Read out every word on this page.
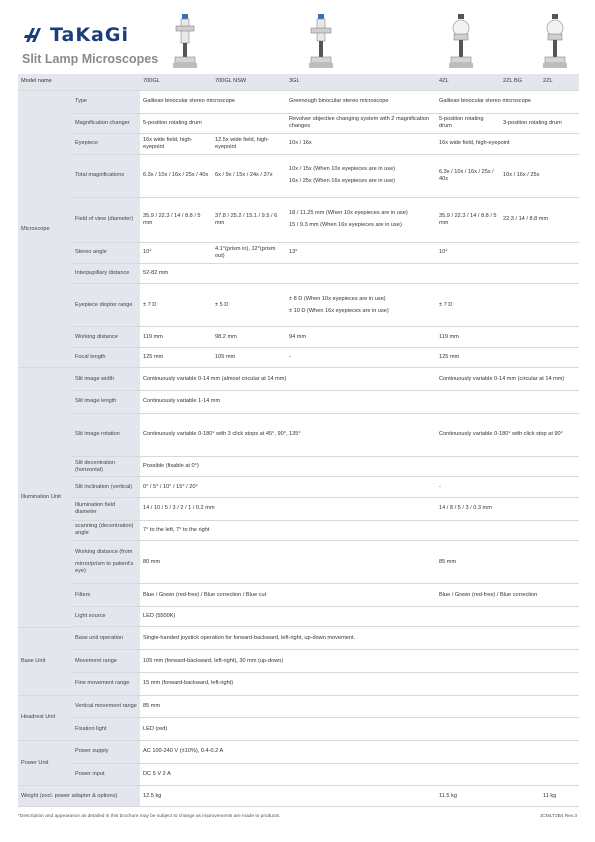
TaKaGi
Slit Lamp Microscopes
Model name		700GL	700GL NSW	3GL	4ZL	2ZL BG	2ZL
Microscope	Type	Galilean binocular stereo microscope		Greenough binocular stereo microscope	Galilean binocular stereo microscope		
	Magnification changer	5-position rotating drum		Revolver objective changing system with 2 magnification changes	5-position rotating drum	3-position rotating drum	
	Eyepiece	16x wide field, high-eyepoint	12.5x wide field, high-eyepoint	10x / 16x	16x wide field, high-eyepoint		
	Total magnifications	6.3x / 10x / 16x / 25x / 40x	6x / 9x / 15x / 24x / 37x	10x / 15x (When 10x eyepieces are in use)
16x / 25x (When 16x eyepieces are in use)	6.3x / 10x / 16x / 25x / 40x	10x / 16x / 25x	
	Field of view (diameter)	35.9 / 22.3 / 14 / 8.8 / 5 mm	37.8 / 25.2 / 15.1 / 9.5 / 6 mm	18 / 11.25 mm (When 10x eyepieces are in use)
15 / 9.3 mm (When 16x eyepieces are in use)	35.9 / 22.3 / 14 / 8.8 / 5 mm	22.3 / 14 / 8.8 mm	
	Stereo angle	10°	4.1°(prism in), 12°(prism out)	13°	10°		
	Interpupillary distance	52-82 mm					
	Eyepiece diopter range	± 7 D	± 5 D	± 8 D (When 10x eyepieces are in use)
± 10 D (When 16x eyepieces are in use)	± 7 D		
	Working distance	119 mm	98.2 mm	94 mm	119 mm		
	Focal length	125 mm	105 mm	-	125 mm		
Illumination Unit	Slit image width	Continuously variable 0-14 mm (almost circular at 14 mm)			Continuously variable 0-14 mm (circular at 14 mm)		
	Slit image length	Continuously variable 1-14 mm					
	Slit image rotation	Continuously variable 0-180° with 3 click stops at 45°, 90°, 135°			Continuously variable 0-180° with click stop at 90°		
	Slit decentration (horizontal)	Possible (fixable at 0°)					
	Slit inclination (vertical)	0° / 5° / 10° / 15° / 20°			-		
	Illumination field diameter	14 / 10 / 5 / 3 / 2 / 1 / 0.2 mm			14 / 8 / 5 / 3 / 0.3 mm		
	scanning (decentration) angle	7° to the left, 7° to the right					
	Working distance (from
mirror/prism to patient's eye)	80 mm			85 mm		
	Filters	Blue / Green (red-free) / Blue correction / Blue cut			Blue / Green (red-free) / Blue correction		
	Light source	LED (5500K)					

Base Unit	Base unit operation	Single-handed joystick operation for forward-backward, left-right, up-down movement.					
	Movement range	105 mm (forward-backward, left-right), 30 mm (up-down)					
	Fine movement range	15 mm (forward-backward, left-right)					
Headrest Unit	Vertical movement range	85 mm					
	Fixation light	LED (red)					
Power Unit	Power supply	AC 100-240 V (±10%), 0.4-0.2 A					
	Power input	DC 5 V 2 A					
Weight (excl. power adapter & options)		12.5 kg			11.5 kg		11 kg
*Description and appearance as detailed in this brochure may be subject to change as improvements are made to products.	JCMLT2B4 Rev.3
